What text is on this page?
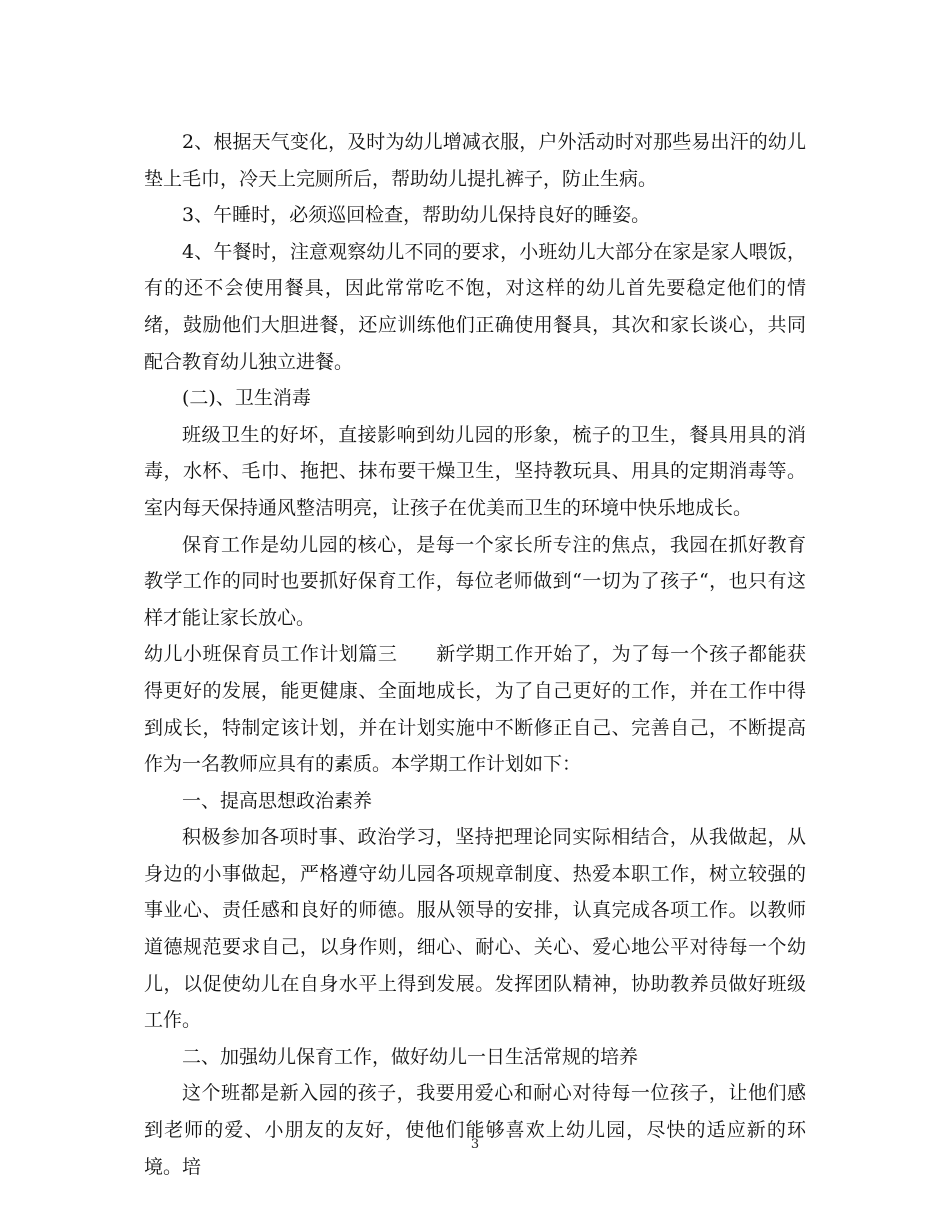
2、根据天气变化，及时为幼儿增减衣服，户外活动时对那些易出汗的幼儿垫上毛巾，冷天上完厕所后，帮助幼儿提扎裤子，防止生病。

3、午睡时，必须巡回检查，帮助幼儿保持良好的睡姿。

4、午餐时，注意观察幼儿不同的要求，小班幼儿大部分在家是家人喂饭，有的还不会使用餐具，因此常常吃不饱，对这样的幼儿首先要稳定他们的情绪，鼓励他们大胆进餐，还应训练他们正确使用餐具，其次和家长谈心，共同配合教育幼儿独立进餐。

(二)、卫生消毒

班级卫生的好坏，直接影响到幼儿园的形象，梳子的卫生，餐具用具的消毒，水杯、毛巾、拖把、抹布要干燥卫生，坚持教玩具、用具的定期消毒等。室内每天保持通风整洁明亮，让孩子在优美而卫生的环境中快乐地成长。

保育工作是幼儿园的核心，是每一个家长所专注的焦点，我园在抓好教育教学工作的同时也要抓好保育工作，每位老师做到“一切为了孩子“，也只有这样才能让家长放心。

幼儿小班保育员工作计划篇三　　新学期工作开始了，为了每一个孩子都能获得更好的发展，能更健康、全面地成长，为了自己更好的工作，并在工作中得到成长，特制定该计划，并在计划实施中不断修正自己、完善自己，不断提高作为一名教师应具有的素质。本学期工作计划如下：

一、提高思想政治素养

积极参加各项时事、政治学习，坚持把理论同实际相结合，从我做起，从身边的小事做起，严格遵守幼儿园各项规章制度、热爱本职工作，树立较强的事业心、责任感和良好的师德。服从领导的安排，认真完成各项工作。以教师道德规范要求自己，以身作则，细心、耐心、关心、爱心地公平对待每一个幼儿，以促使幼儿在自身水平上得到发展。发挥团队精神，协助教养员做好班级工作。

二、加强幼儿保育工作，做好幼儿一日生活常规的培养

这个班都是新入园的孩子，我要用爱心和耐心对待每一位孩子，让他们感到老师的爱、小朋友的友好，使他们能够喜欢上幼儿园，尽快的适应新的环境。培

3
